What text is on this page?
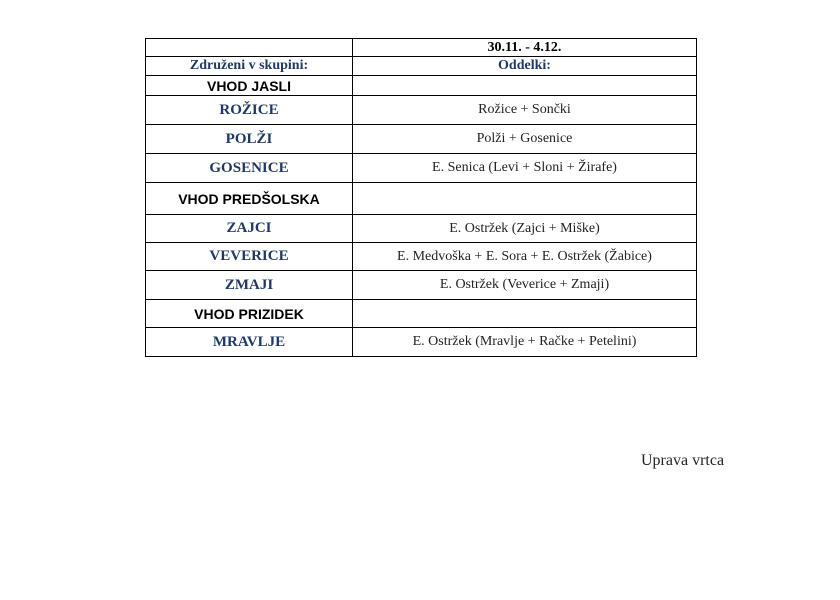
	30.11. - 4.12.
Združeni v skupini:	Oddelki:
VHOD JASLI	
ROŽICE	Rožice + Sončki
POLŽI	Polži + Gosenice
GOSENICE	E. Senica (Levi + Sloni + Žirafe)
VHOD PREDŠOLSKA	
ZAJCI	E. Ostržek (Zajci + Miške)
VEVERICE	E. Medvoška + E. Sora + E. Ostržek (Žabice)
ZMAJI	E. Ostržek (Veverice + Zmaji)
VHOD PRIZIDEK	
MRAVLJE	E. Ostržek (Mravlje + Račke + Petelini)
Uprava vrtca
